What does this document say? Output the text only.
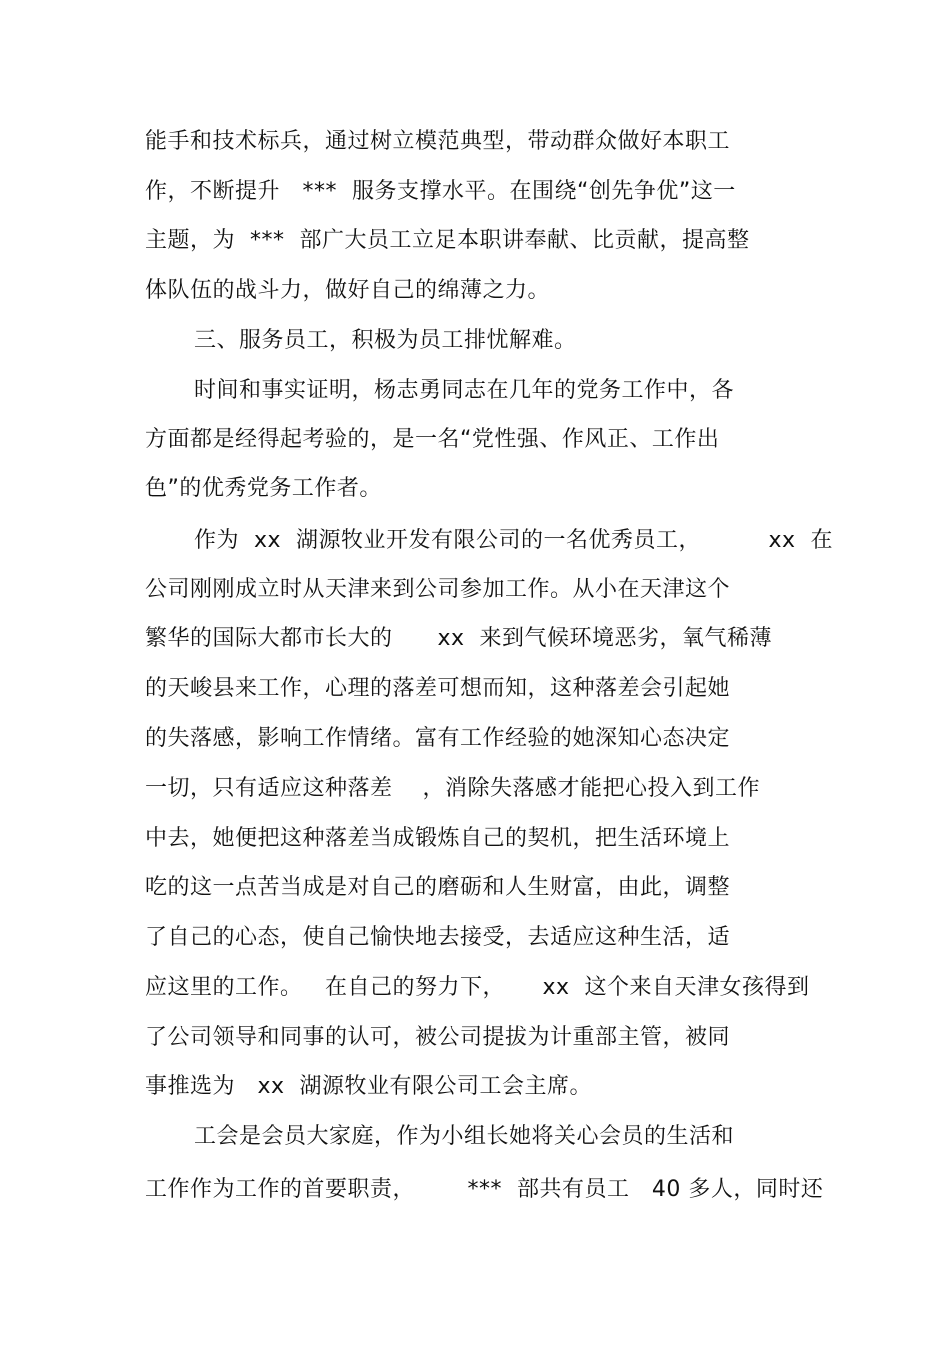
能手和技术标兵，通过树立模范典型，带动群众做好本职工
作，不断提升   ***  服务支撑水平。在围绕“创先争优”这一
主题，为  ***  部广大员工立足本职讲奉献、比贡献，提高整
体队伍的战斗力，做好自己的绵薄之力。
三、服务员工，积极为员工排忧解难。
时间和事实证明，杨志勇同志在几年的党务工作中，各
方面都是经得起考验的，是一名“党性强、作风正、工作出
色”的优秀党务工作者。
作为  xx  湖源牧业开发有限公司的一名优秀员工，         xx  在
公司刚刚成立时从天津来到公司参加工作。从小在天津这个
繁华的国际大都市长大的      xx  来到气候环境恶劣，氧气稀薄
的天峻县来工作，心理的落差可想而知，这种落差会引起她
的失落感，影响工作情绪。富有工作经验的她深知心态决定
一切，只有适应这种落差    ，消除失落感才能把心投入到工作
中去，她便把这种落差当成锻炼自己的契机，把生活环境上
吃的这一点苦当成是对自己的磨砺和人生财富，由此，调整
了自己的心态，使自己愉快地去接受，去适应这种生活，适
应这里的工作。   在自己的努力下，     xx  这个来自天津女孩得到
了公司领导和同事的认可，被公司提拔为计重部主管，被同
事推选为   xx  湖源牧业有限公司工会主席。
工会是会员大家庭，作为小组长她将关心会员的生活和
工作作为工作的首要职责，       ***  部共有员工   40 多人，同时还
